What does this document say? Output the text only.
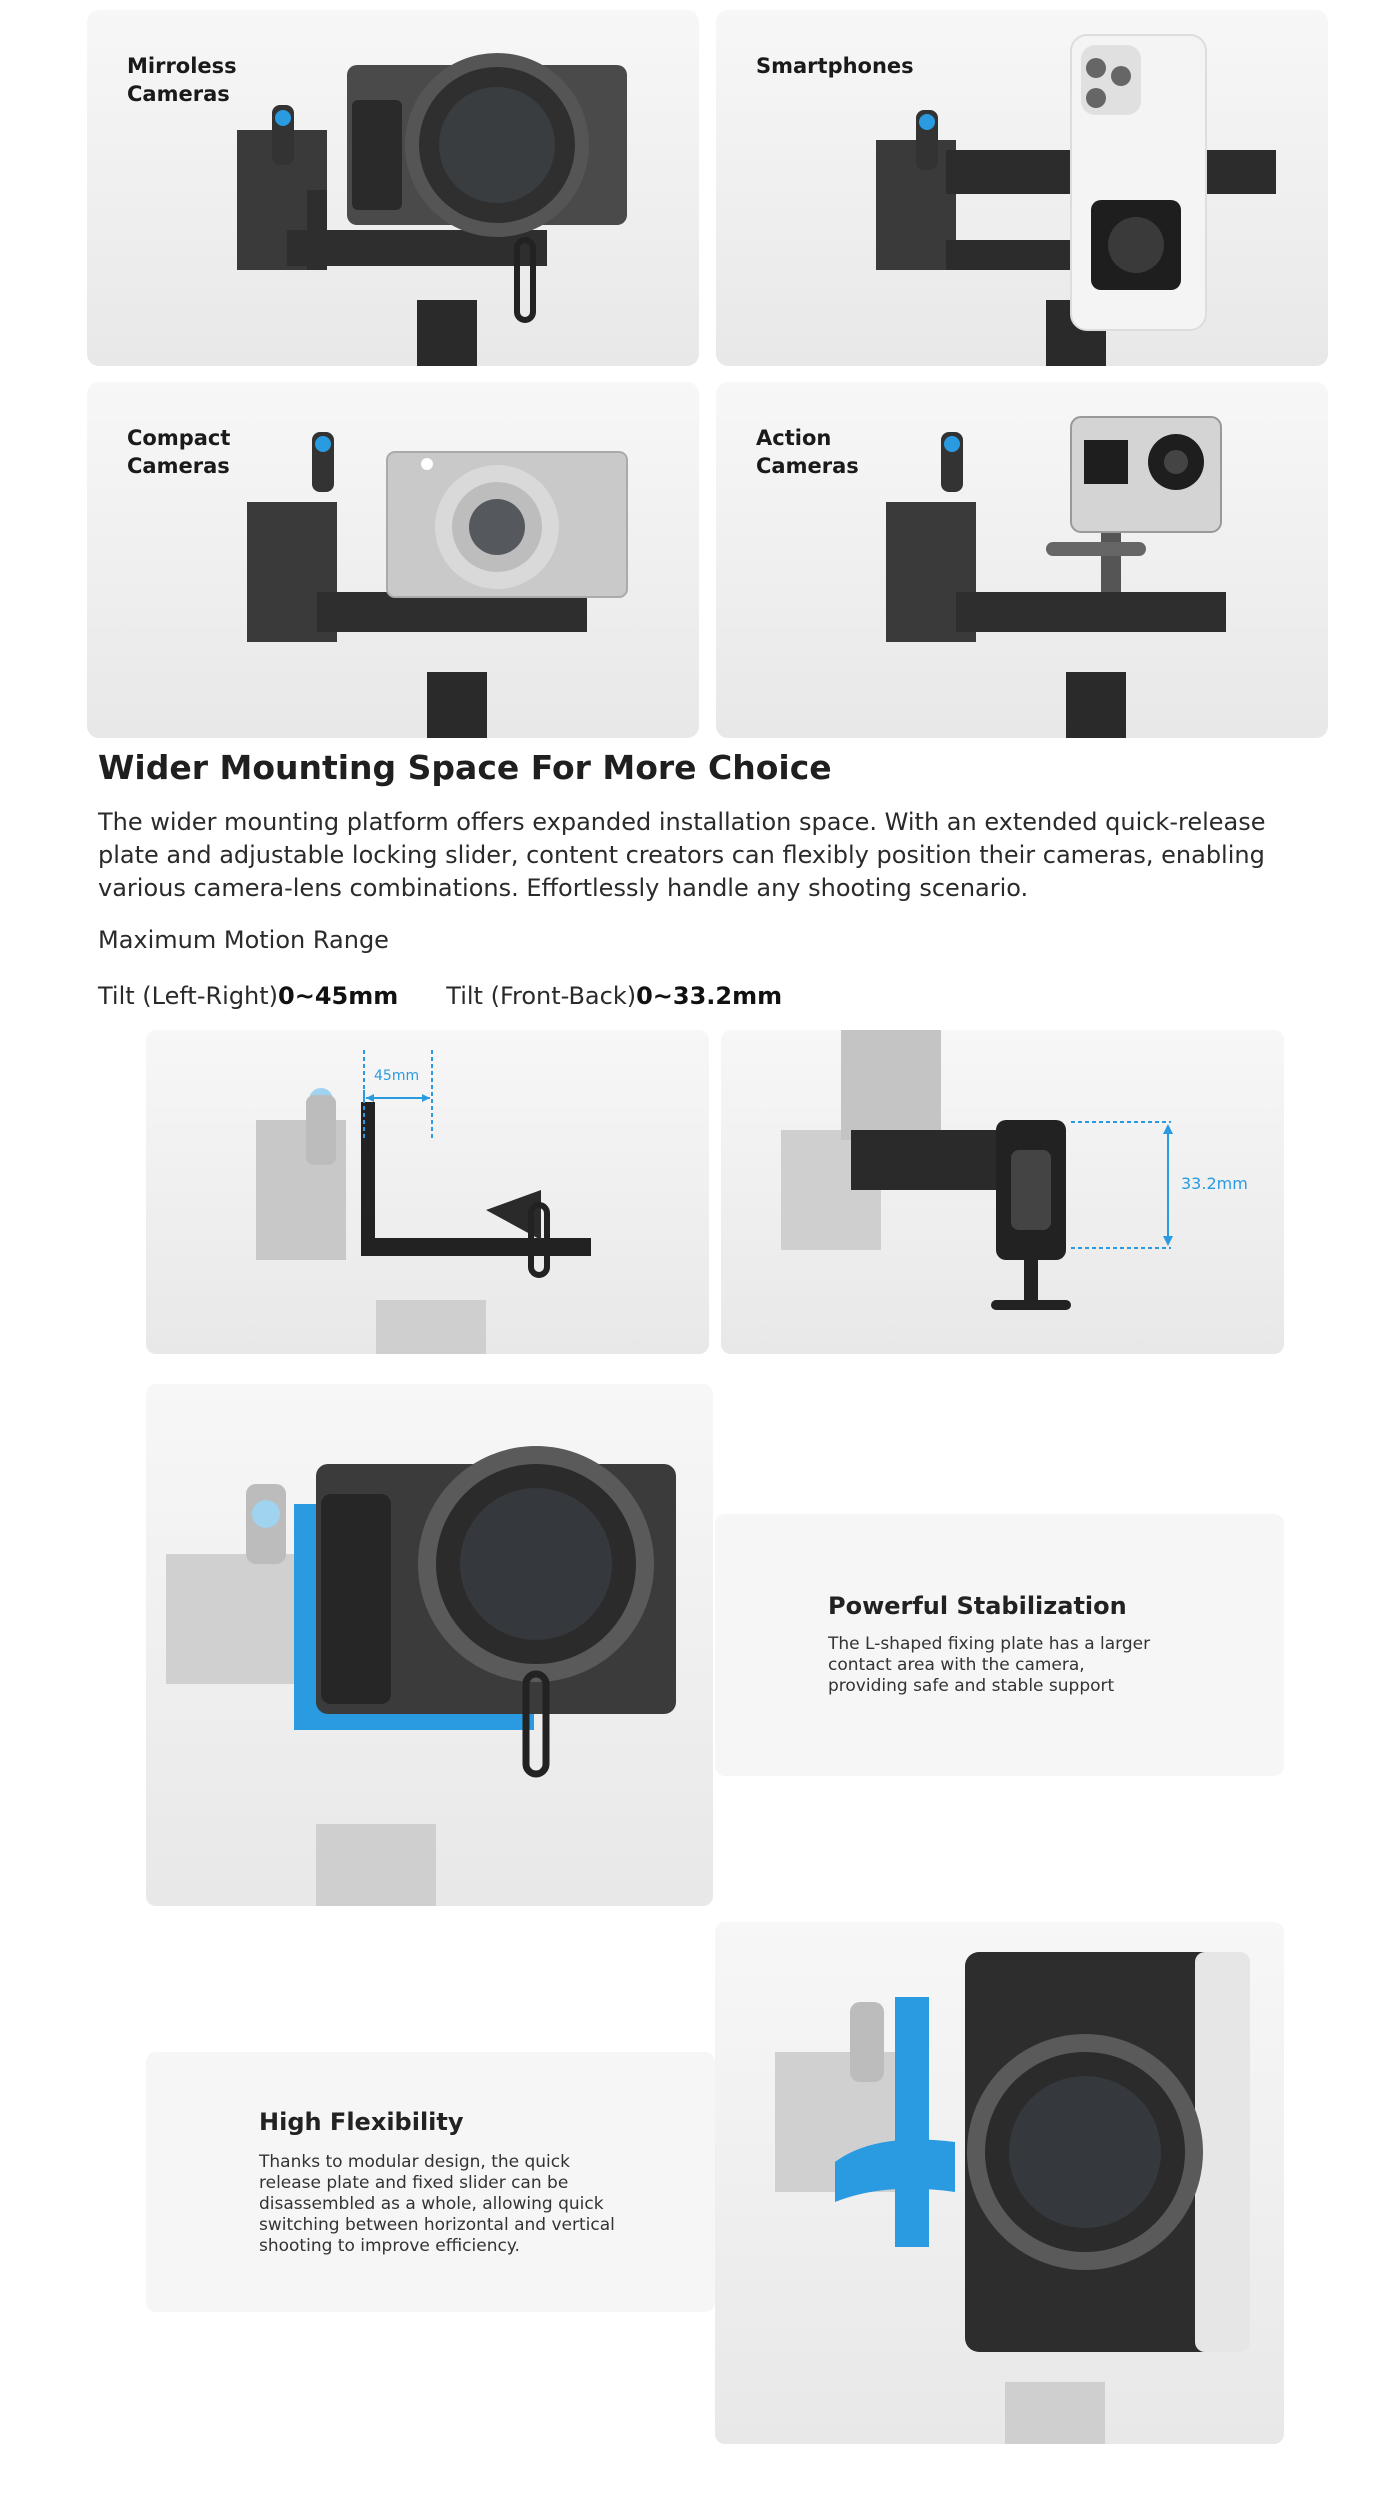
Mirroless
Cameras
Smartphones
Compact
Cameras
Action
Cameras
Wider Mounting Space For More Choice
The wider mounting platform offers expanded installation space. With an extended quick-release plate and adjustable locking slider, content creators can flexibly position their cameras, enabling various camera-lens combinations. Effortlessly handle any shooting scenario.
Maximum Motion Range
Tilt (Left-Right)0~45mm Tilt (Front-Back)0~33.2mm
45mm
33.2mm
Powerful Stabilization
The L-shaped fixing plate has a larger contact area with the camera, providing safe and stable support
High Flexibility
Thanks to modular design, the quick release plate and fixed slider can be disassembled as a whole, allowing quick switching between horizontal and vertical shooting to improve efficiency.
